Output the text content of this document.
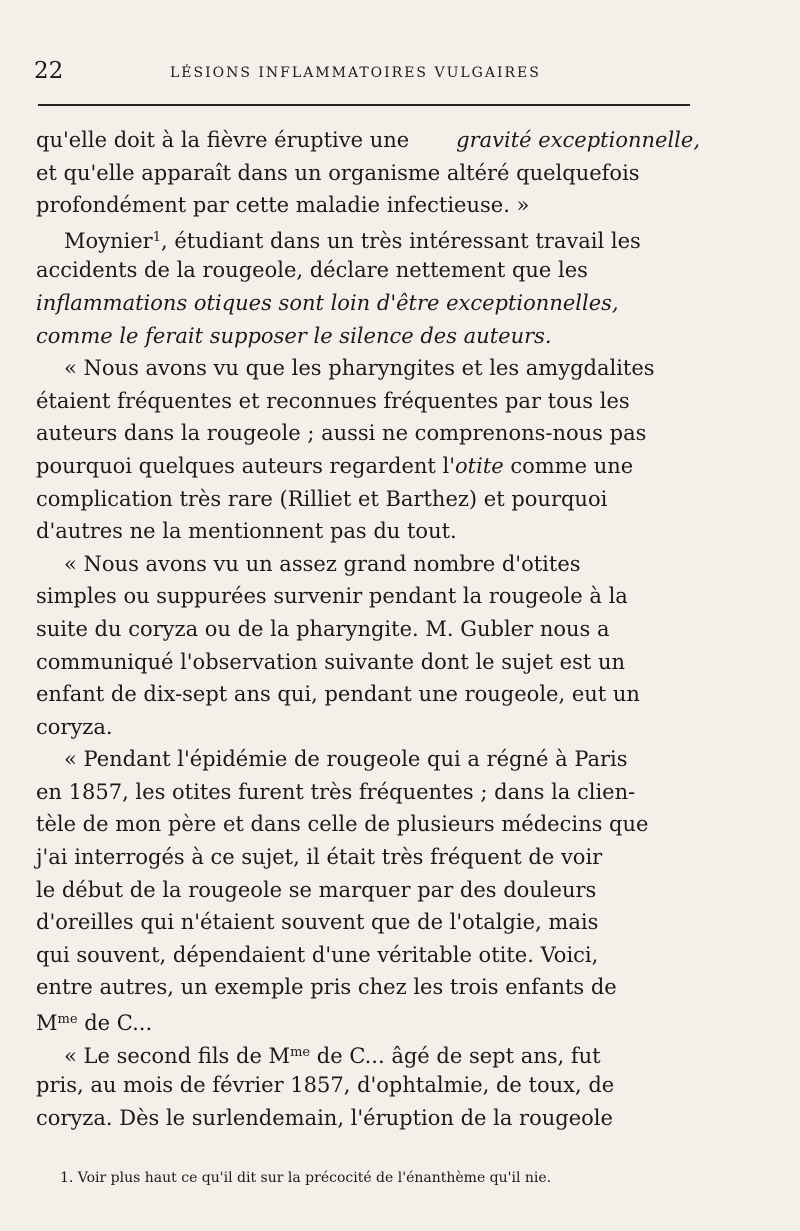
22	LÉSIONS INFLAMMATOIRES VULGAIRES
qu'elle doit à la fièvre éruptive une gravité exceptionnelle,
et qu'elle apparaît dans un organisme altéré quelquefois
profondément par cette maladie infectieuse. »
Moynier$^1$, étudiant dans un très intéressant travail les
accidents de la rougeole, déclare nettement que les
inflammations otiques sont loin d'être exceptionnelles,
comme le ferait supposer le silence des auteurs.
« Nous avons vu que les pharyngites et les amygdalites
étaient fréquentes et reconnues fréquentes par tous les
auteurs dans la rougeole ; aussi ne comprenons-nous pas
pourquoi quelques auteurs regardent l'otite comme une
complication très rare (Rilliet et Barthez) et pourquoi
d'autres ne la mentionnent pas du tout.
« Nous avons vu un assez grand nombre d'otites
simples ou suppurées survenir pendant la rougeole à la
suite du coryza ou de la pharyngite. M. Gubler nous a
communiqué l'observation suivante dont le sujet est un
enfant de dix-sept ans qui, pendant une rougeole, eut un
coryza.
« Pendant l'épidémie de rougeole qui a régné à Paris
en 1857, les otites furent très fréquentes ; dans la clien-
tèle de mon père et dans celle de plusieurs médecins que
j'ai interrogés à ce sujet, il était très fréquent de voir
le début de la rougeole se marquer par des douleurs
d'oreilles qui n'étaient souvent que de l'otalgie, mais
qui souvent, dépendaient d'une véritable otite. Voici,
entre autres, un exemple pris chez les trois enfants de
$M^{me}$ de C...
« Le second fils de $M^{me}$ de C... âgé de sept ans, fut
pris, au mois de février 1857, d'ophtalmie, de toux, de
coryza. Dès le surlendemain, l'éruption de la rougeole
1. Voir plus haut ce qu'il dit sur la précocité de l'énanthème qu'il nie.
